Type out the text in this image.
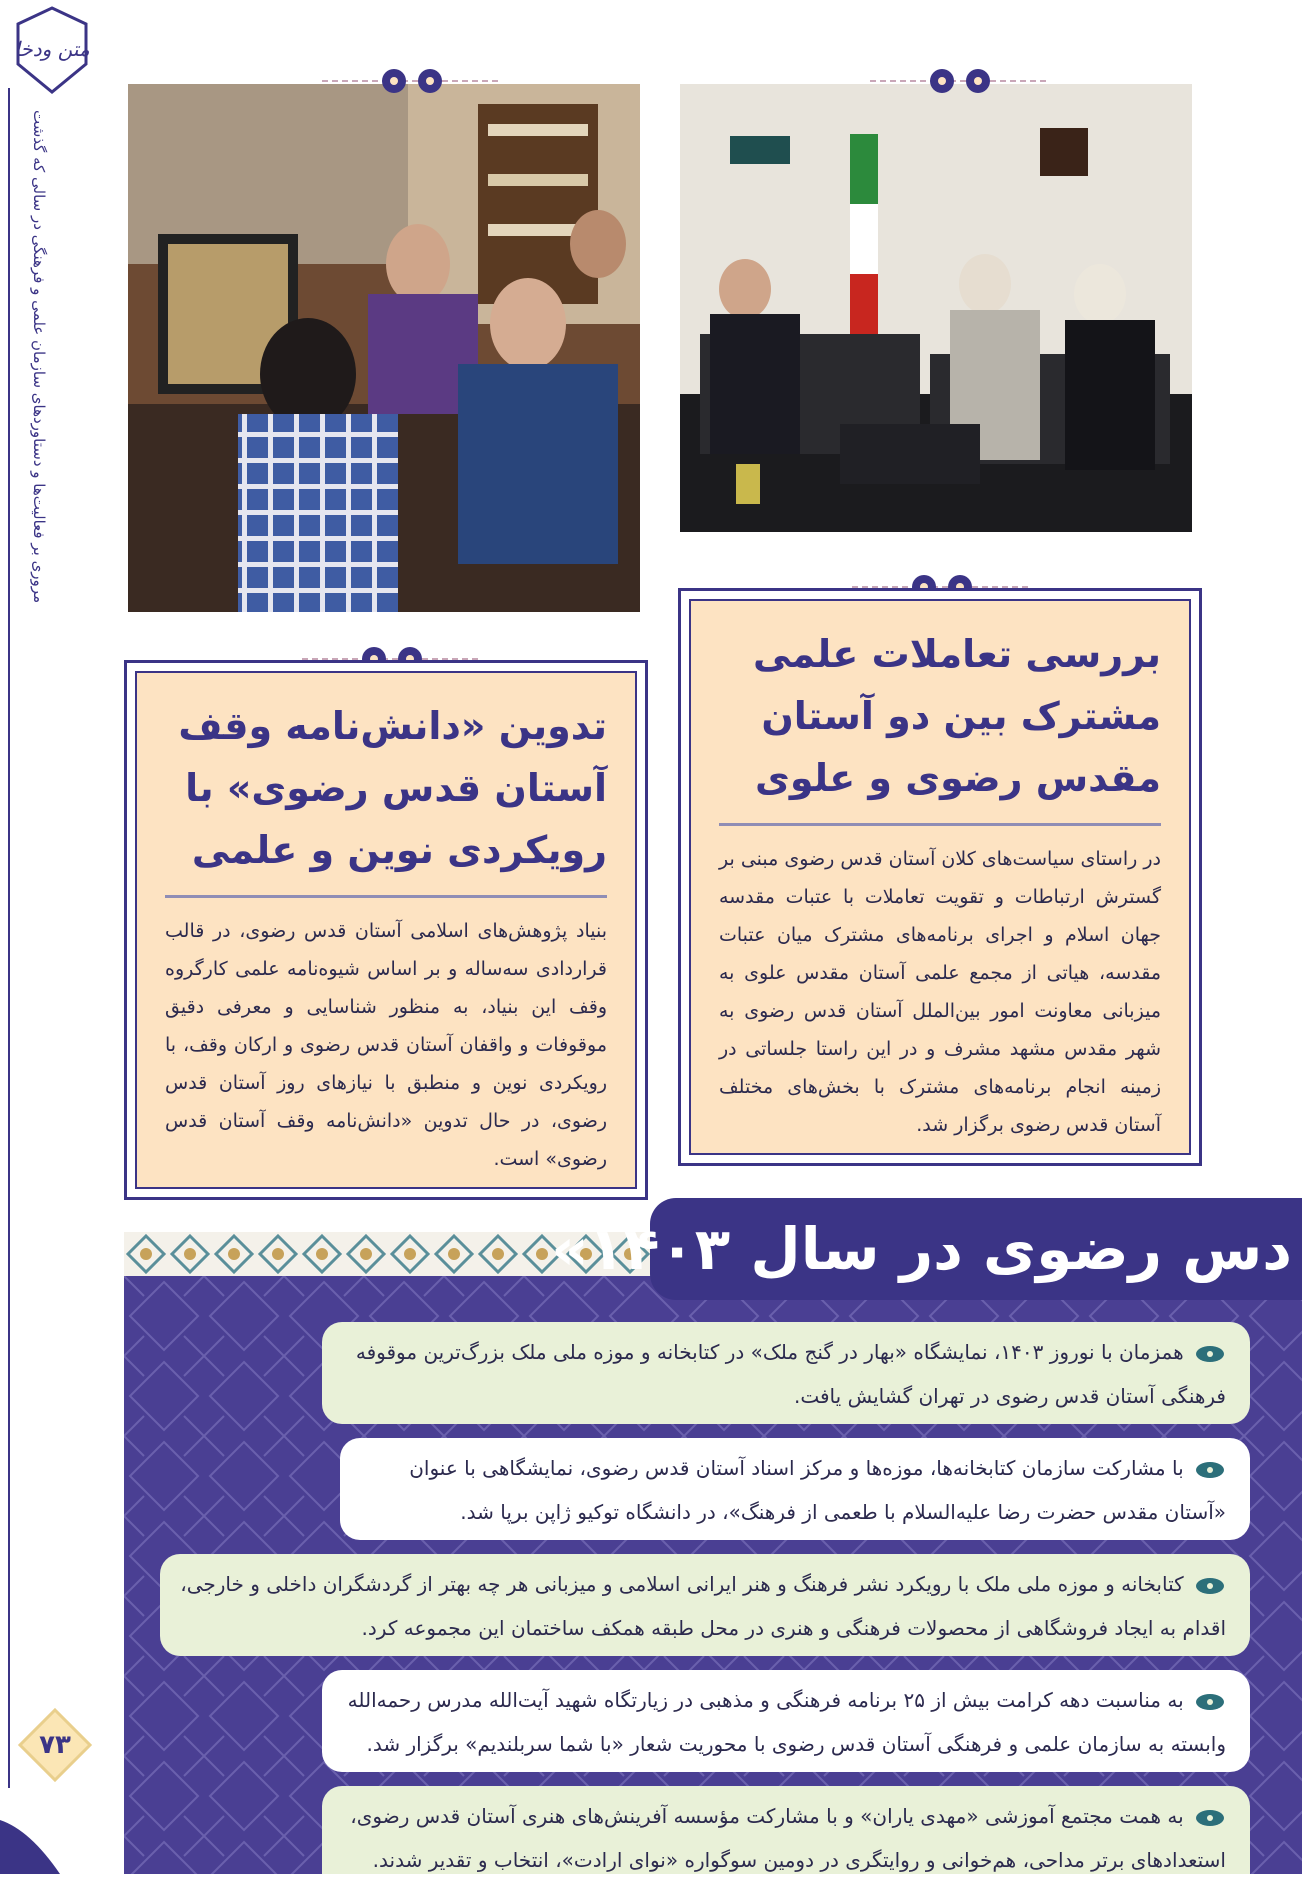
متن ودخا
مروری بر فعالیت‌ها و دستاوردهای سازمان علمی و فرهنگی در سالی که گذشت
۷۳
بررسی تعاملات علمی مشترک بین دو آستان مقدس رضوی و علوی

در راستای سیاست‌های کلان آستان قدس رضوی مبنی بر گسترش ارتباطات و تقویت تعاملات با عتبات مقدسه جهان اسلام و اجرای برنامه‌های مشترک میان عتبات مقدسه، هیاتی از مجمع علمی آستان مقدس علوی به میزبانی معاونت امور بین‌الملل آستان قدس رضوی به شهر مقدس مشهد مشرف و در این راستا جلساتی در زمینه انجام برنامه‌های مشترک با بخش‌های مختلف آستان قدس رضوی برگزار شد.

تدوین «دانش‌نامه وقف آستان قدس رضوی» با رویکردی نوین و علمی

بنیاد پژوهش‌های اسلامی آستان قدس رضوی، در قالب قراردادی سه‌ساله و بر اساس شیوه‌نامه علمی کارگروه وقف این بنیاد، به منظور شناسایی و معرفی دقیق موقوفات و واقفان آستان قدس رضوی و ارکان وقف، با رویکردی نوین و منطبق با نیازهای روز آستان قدس رضوی، در حال تدوین «دانش‌نامه وقف آستان قدس رضوی» است.

دس رضوی در سال ۱۴۰۳»
همزمان با نوروز ۱۴۰۳، نمایشگاه «بهار در گنج ملک» در کتابخانه و موزه ملی ملک بزرگ‌ترین موقوفه فرهنگی آستان قدس رضوی در تهران گشایش یافت.
با مشارکت سازمان کتابخانه‌ها، موزه‌ها و مرکز اسناد آستان قدس رضوی، نمایشگاهی با عنوان «آستان مقدس حضرت رضا علیه‌السلام با طعمی از فرهنگ»، در دانشگاه توکیو ژاپن برپا شد.
کتابخانه و موزه ملی ملک با رویکرد نشر فرهنگ و هنر ایرانی اسلامی و میزبانی هر چه بهتر از گردشگران داخلی و خارجی، اقدام به ایجاد فروشگاهی از محصولات فرهنگی و هنری در محل طبقه همکف ساختمان این مجموعه کرد.
به مناسبت دهه کرامت بیش از ۲۵ برنامه فرهنگی و مذهبی در زیارتگاه شهید آیت‌الله مدرس رحمه‌الله وابسته به سازمان علمی و فرهنگی آستان قدس رضوی با محوریت شعار «با شما سربلندیم» برگزار شد.
به همت مجتمع آموزشی «مهدی یاران» و با مشارکت مؤسسه آفرینش‌های هنری آستان قدس رضوی، استعدادهای برتر مداحی، هم‌خوانی و روایتگری در دومین سوگواره «نوای ارادت»، انتخاب و تقدیر شدند.
